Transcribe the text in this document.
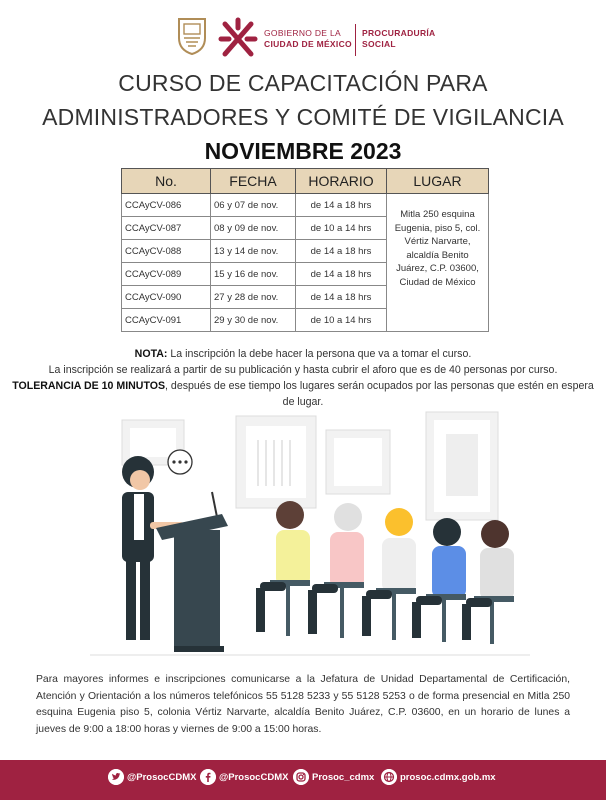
GOBIERNO DE LA
CIUDAD DE MÉXICO
PROCURADURÍA
SOCIAL
CURSO DE CAPACITACIÓN PARA
ADMINISTRADORES Y COMITÉ DE VIGILANCIA
NOVIEMBRE 2023
No.	FECHA	HORARIO	LUGAR
CCAyCV-086	06 y 07 de nov.	de 14 a 18 hrs	Mitla 250 esquina Eugenia, piso 5, col. Vértiz Narvarte, alcaldía Benito Juárez, C.P. 03600, Ciudad de México
CCAyCV-087	08 y 09 de nov.	de 10 a 14 hrs	
CCAyCV-088	13 y 14 de nov.	de 14 a 18 hrs	
CCAyCV-089	15 y 16 de nov.	de 14 a 18 hrs	
CCAyCV-090	27 y 28 de nov.	de 14 a 18 hrs	
CCAyCV-091	29 y 30 de nov.	de 10 a 14 hrs	
NOTA: La inscripción la debe hacer la persona que va a tomar el curso.
La inscripción se realizará a partir de su publicación y hasta cubrir el aforo que es de 40 personas por curso.
TOLERANCIA DE 10 MINUTOS, después de ese tiempo los lugares serán ocupados por las personas que estén en espera de lugar.
Para mayores informes e inscripciones comunicarse a la Jefatura de Unidad Departamental de Certificación, Atención y Orientación a los números telefónicos 55 5128 5233 y 55 5128 5253 o de forma presencial en Mitla 250 esquina Eugenia piso 5, colonia Vértiz Narvarte, alcaldía Benito Juárez, C.P. 03600, en un horario de lunes a jueves de 9:00 a 18:00 horas y viernes de 9:00 a 15:00 horas.
@ProsocCDMX @ProsocCDMX Prosoc_cdmx	prosoc.cdmx.gob.mx
